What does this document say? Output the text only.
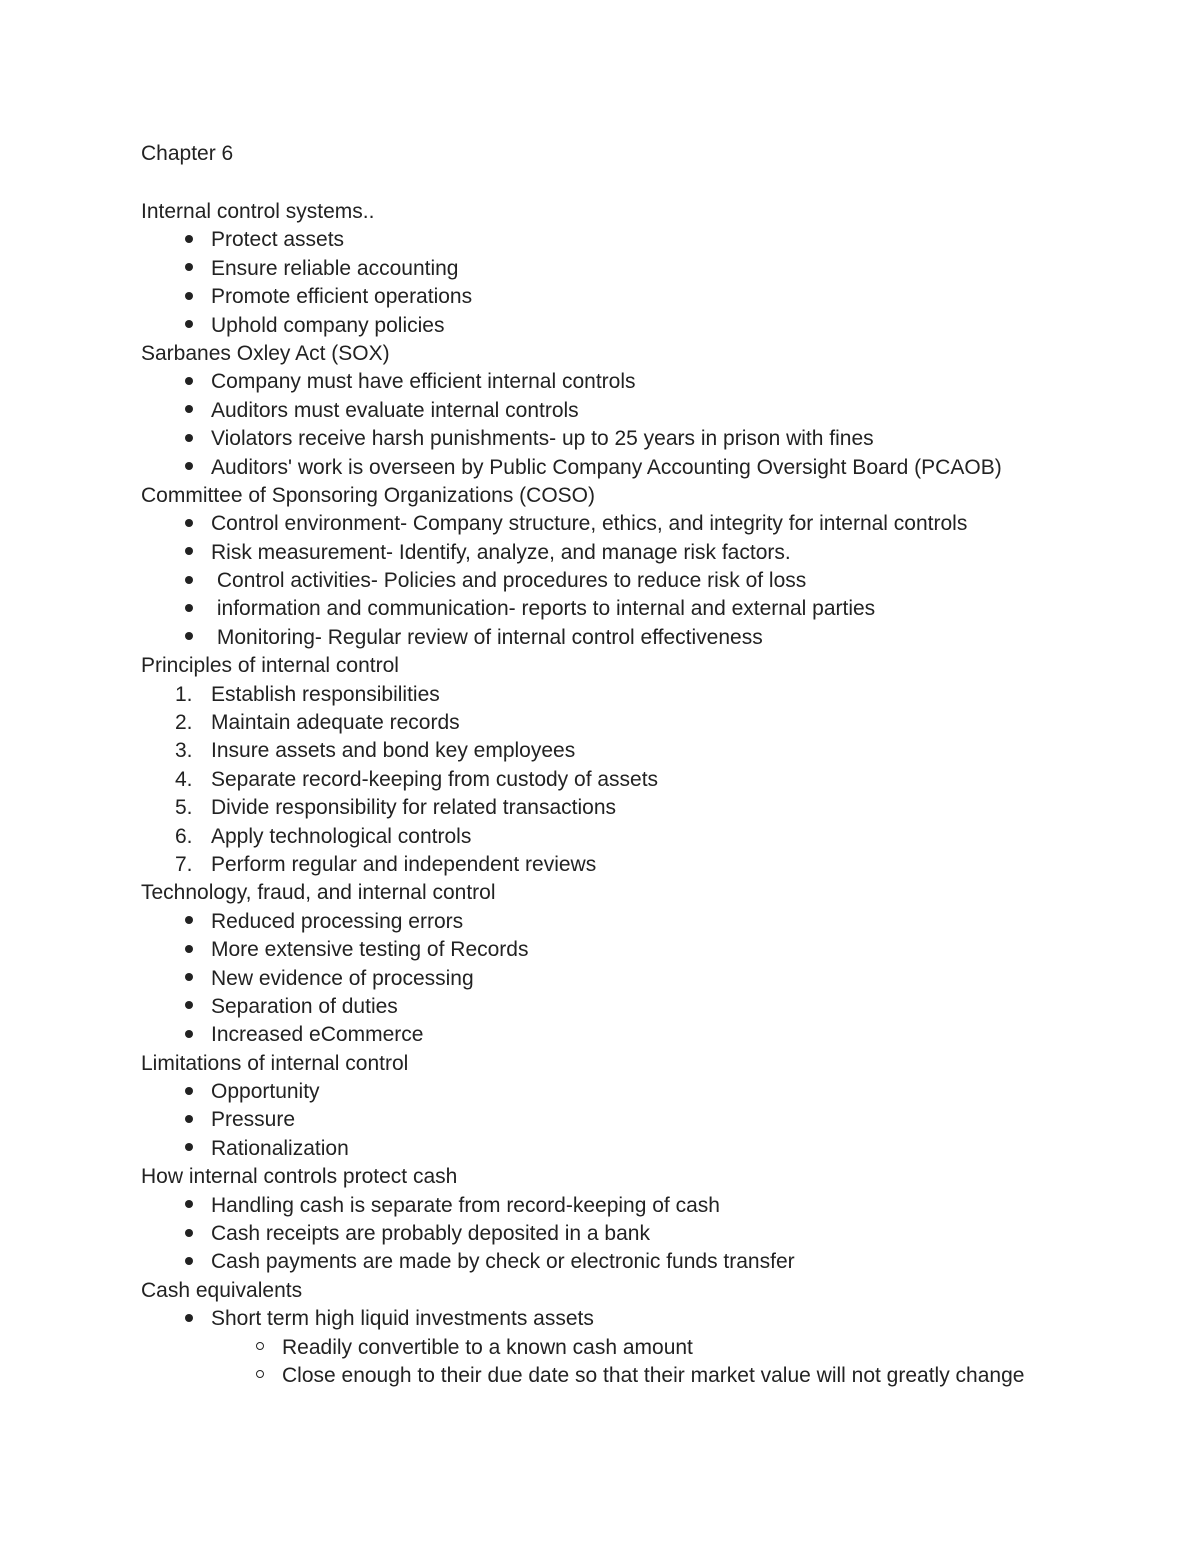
Chapter 6
Internal control systems..
Protect assets
Ensure reliable accounting
Promote efficient operations
Uphold company policies
Sarbanes Oxley Act (SOX)
Company must have efficient internal controls
Auditors must evaluate internal controls
Violators receive harsh punishments- up to 25 years in prison with fines
Auditors' work is overseen by Public Company Accounting Oversight Board (PCAOB)
Committee of Sponsoring Organizations (COSO)
Control environment- Company structure, ethics, and integrity for internal controls
Risk measurement- Identify, analyze, and manage risk factors.
Control activities- Policies and procedures to reduce risk of loss
information and communication- reports to internal and external parties
Monitoring- Regular review of internal control effectiveness
Principles of internal control
1. Establish responsibilities
2. Maintain adequate records
3. Insure assets and bond key employees
4. Separate record-keeping from custody of assets
5. Divide responsibility for related transactions
6. Apply technological controls
7. Perform regular and independent reviews
Technology, fraud, and internal control
Reduced processing errors
More extensive testing of Records
New evidence of processing
Separation of duties
Increased eCommerce
Limitations of internal control
Opportunity
Pressure
Rationalization
How internal controls protect cash
Handling cash is separate from record-keeping of cash
Cash receipts are probably deposited in a bank
Cash payments are made by check or electronic funds transfer
Cash equivalents
Short term high liquid investments assets
Readily convertible to a known cash amount
Close enough to their due date so that their market value will not greatly change
